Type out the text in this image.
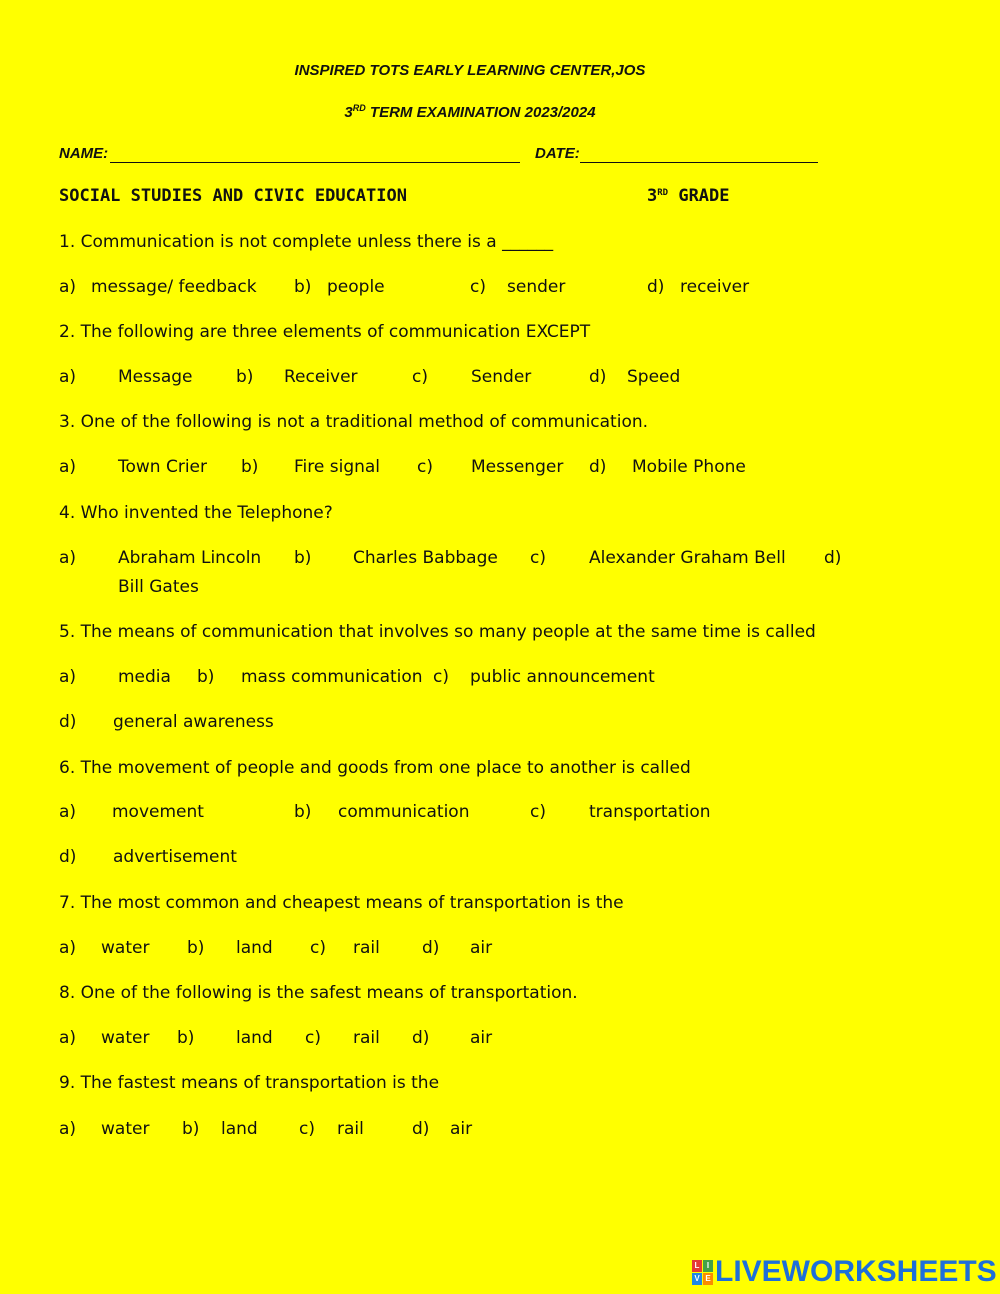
INSPIRED TOTS EARLY LEARNING CENTER,JOS
3RD TERM EXAMINATION 2023/2024
NAME:	DATE:
SOCIAL STUDIES AND CIVIC EDUCATION	3RD GRADE
1. Communication is not complete unless there is a ______
a) message/ feedback b) people	c) sender	d) receiver
2. The following are three elements of communication EXCEPT
a) Message	b) Receiver	c)	Sender	d) Speed
3. One of the following is not a traditional method of communication.
a) Town Crier b) Fire signal c) Messenger d) Mobile Phone
4. Who invented the Telephone?
a) Abraham Lincoln b) Charles Babbage c)	Alexander Graham Bell d)
Bill Gates
5. The means of communication that involves so many people at the same time is called
a) media b) mass communication c) public announcement
d) general awareness
6. The movement of people and goods from one place to another is called
a) movement	b) communication	c)	transportation
d) advertisement
7. The most common and cheapest means of transportation is the
a) water b) land c) rail d) air
8. One of the following is the safest means of transportation.
a) water b) land c) rail d) air
9. The fastest means of transportation is the
a) water b) land c) rail	d) air
L I
V E LIVEWORKSHEETS
